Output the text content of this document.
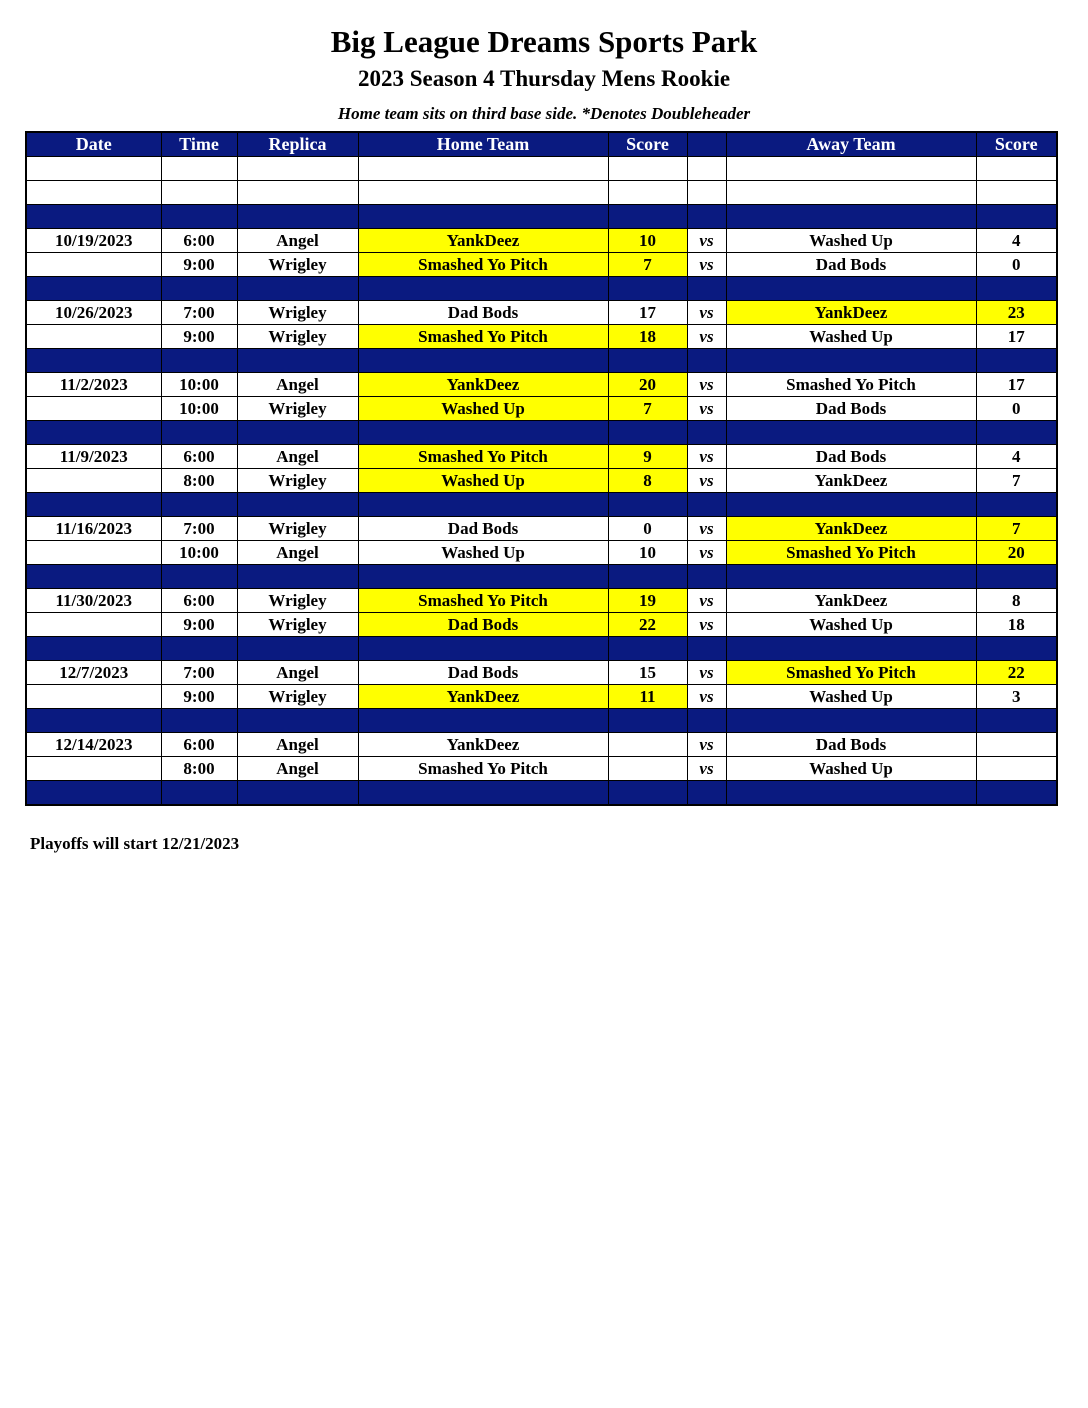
Big League Dreams Sports Park
2023 Season 4 Thursday Mens Rookie
Home team sits on third base side. *Denotes Doubleheader
Date	Time	Replica	Home Team	Score		Away Team	Score

10/19/2023	6:00	Angel	YankDeez	10	vs	Washed Up	4
	9:00	Wrigley	Smashed Yo Pitch	7	vs	Dad Bods	0

10/26/2023	7:00	Wrigley	Dad Bods	17	vs	YankDeez	23
	9:00	Wrigley	Smashed Yo Pitch	18	vs	Washed Up	17

11/2/2023	10:00	Angel	YankDeez	20	vs	Smashed Yo Pitch	17
	10:00	Wrigley	Washed Up	7	vs	Dad Bods	0

11/9/2023	6:00	Angel	Smashed Yo Pitch	9	vs	Dad Bods	4
	8:00	Wrigley	Washed Up	8	vs	YankDeez	7

11/16/2023	7:00	Wrigley	Dad Bods	0	vs	YankDeez	7
	10:00	Angel	Washed Up	10	vs	Smashed Yo Pitch	20

11/30/2023	6:00	Wrigley	Smashed Yo Pitch	19	vs	YankDeez	8
	9:00	Wrigley	Dad Bods	22	vs	Washed Up	18

12/7/2023	7:00	Angel	Dad Bods	15	vs	Smashed Yo Pitch	22
	9:00	Wrigley	YankDeez	11	vs	Washed Up	3

12/14/2023	6:00	Angel	YankDeez		vs	Dad Bods	
	8:00	Angel	Smashed Yo Pitch		vs	Washed Up	

Playoffs will start 12/21/2023
